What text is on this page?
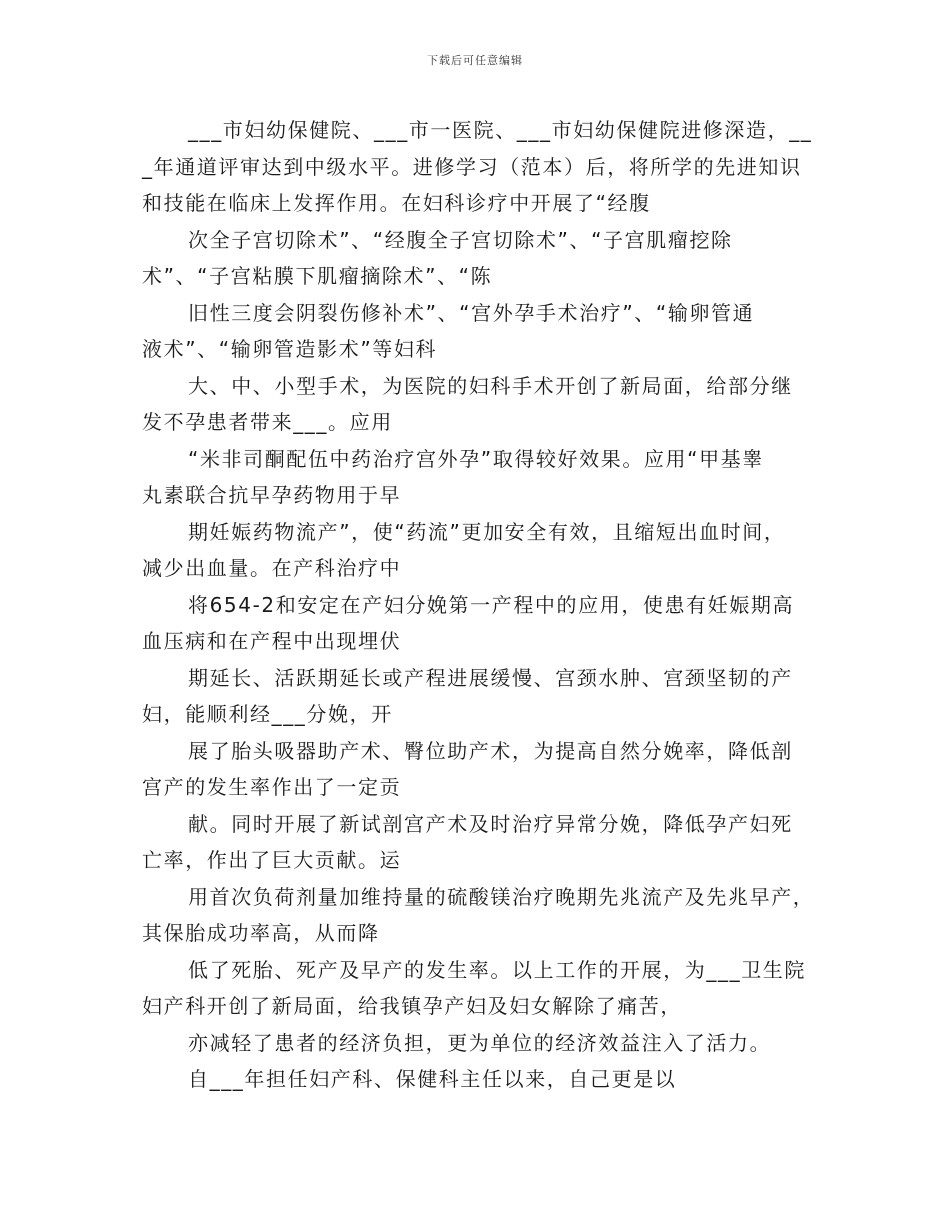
下载后可任意编辑
___市妇幼保健院、___市一医院、___市妇幼保健院进修深造，__
_年通道评审达到中级水平。进修学习（范本）后，将所学的先进知识
和技能在临床上发挥作用。在妇科诊疗中开展了“经腹
次全子宫切除术”、“经腹全子宫切除术”、“子宫肌瘤挖除
术”、“子宫粘膜下肌瘤摘除术”、“陈
旧性三度会阴裂伤修补术”、“宫外孕手术治疗”、“输卵管通
液术”、“输卵管造影术”等妇科
大、中、小型手术，为医院的妇科手术开创了新局面，给部分继
发不孕患者带来___。应用
“米非司酮配伍中药治疗宫外孕”取得较好效果。应用“甲基睾
丸素联合抗早孕药物用于早
期妊娠药物流产”，使“药流”更加安全有效，且缩短出血时间，
减少出血量。在产科治疗中
将654-2和安定在产妇分娩第一产程中的应用，使患有妊娠期高
血压病和在产程中出现埋伏
期延长、活跃期延长或产程进展缓慢、宫颈水肿、宫颈坚韧的产
妇，能顺利经___分娩，开
展了胎头吸器助产术、臀位助产术，为提高自然分娩率，降低剖
宫产的发生率作出了一定贡
献。同时开展了新试剖宫产术及时治疗异常分娩，降低孕产妇死
亡率，作出了巨大贡献。运
用首次负荷剂量加维持量的硫酸镁治疗晚期先兆流产及先兆早产，
其保胎成功率高，从而降
低了死胎、死产及早产的发生率。以上工作的开展，为___卫生院
妇产科开创了新局面，给我镇孕产妇及妇女解除了痛苦，
亦减轻了患者的经济负担，更为单位的经济效益注入了活力。
自___年担任妇产科、保健科主任以来，自己更是以
